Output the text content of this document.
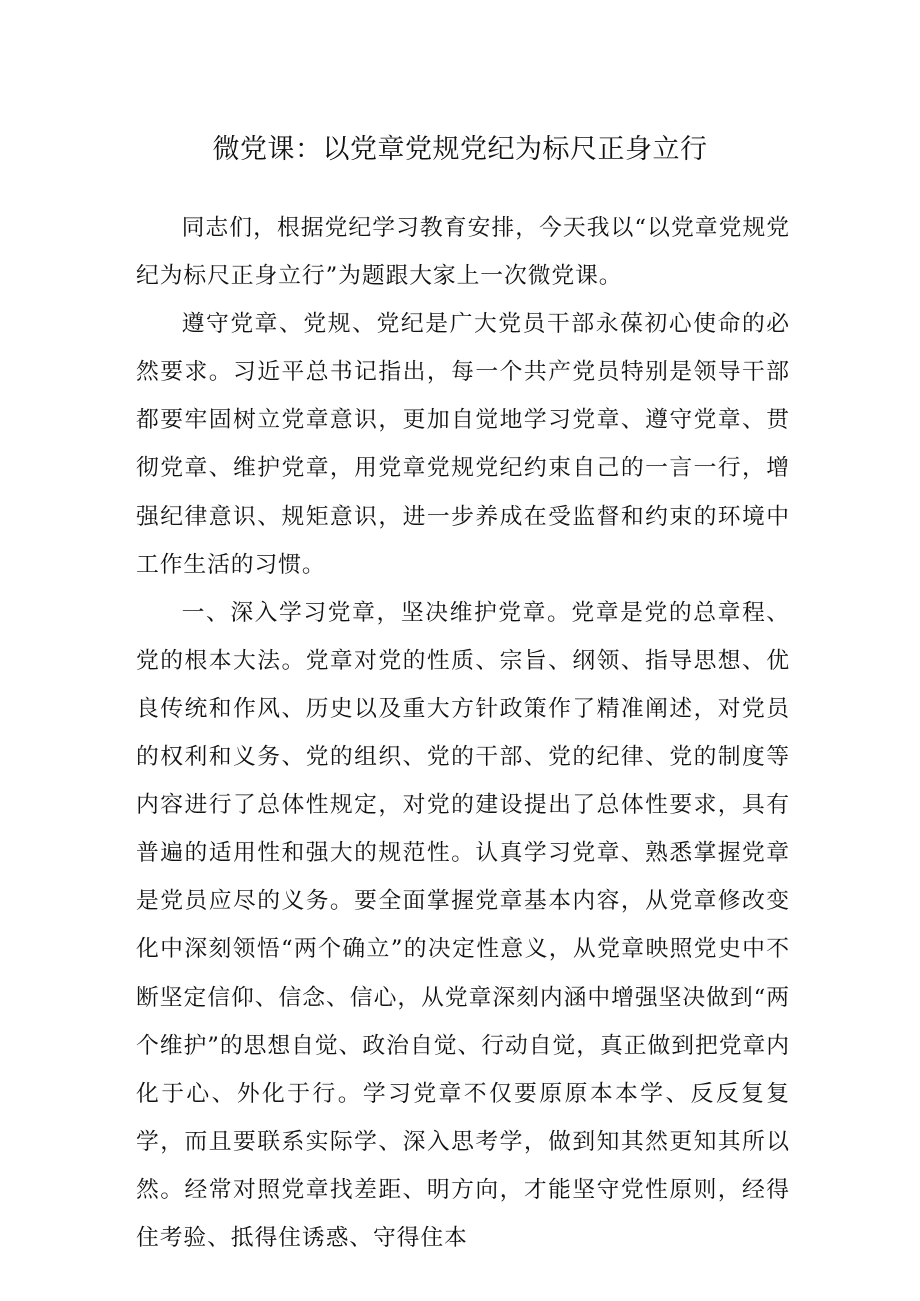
微党课：以党章党规党纪为标尺正身立行

同志们，根据党纪学习教育安排，今天我以“以党章党规党纪为标尺正身立行”为题跟大家上一次微党课。

遵守党章、党规、党纪是广大党员干部永葆初心使命的必然要求。习近平总书记指出，每一个共产党员特别是领导干部都要牢固树立党章意识，更加自觉地学习党章、遵守党章、贯彻党章、维护党章，用党章党规党纪约束自己的一言一行，增强纪律意识、规矩意识，进一步养成在受监督和约束的环境中工作生活的习惯。

一、深入学习党章，坚决维护党章。党章是党的总章程、党的根本大法。党章对党的性质、宗旨、纲领、指导思想、优良传统和作风、历史以及重大方针政策作了精准阐述，对党员的权利和义务、党的组织、党的干部、党的纪律、党的制度等内容进行了总体性规定，对党的建设提出了总体性要求，具有普遍的适用性和强大的规范性。认真学习党章、熟悉掌握党章是党员应尽的义务。要全面掌握党章基本内容，从党章修改变化中深刻领悟“两个确立”的决定性意义，从党章映照党史中不断坚定信仰、信念、信心，从党章深刻内涵中增强坚决做到“两个维护”的思想自觉、政治自觉、行动自觉，真正做到把党章内化于心、外化于行。学习党章不仅要原原本本学、反反复复学，而且要联系实际学、深入思考学，做到知其然更知其所以然。经常对照党章找差距、明方向，才能坚守党性原则，经得住考验、抵得住诱惑、守得住本
